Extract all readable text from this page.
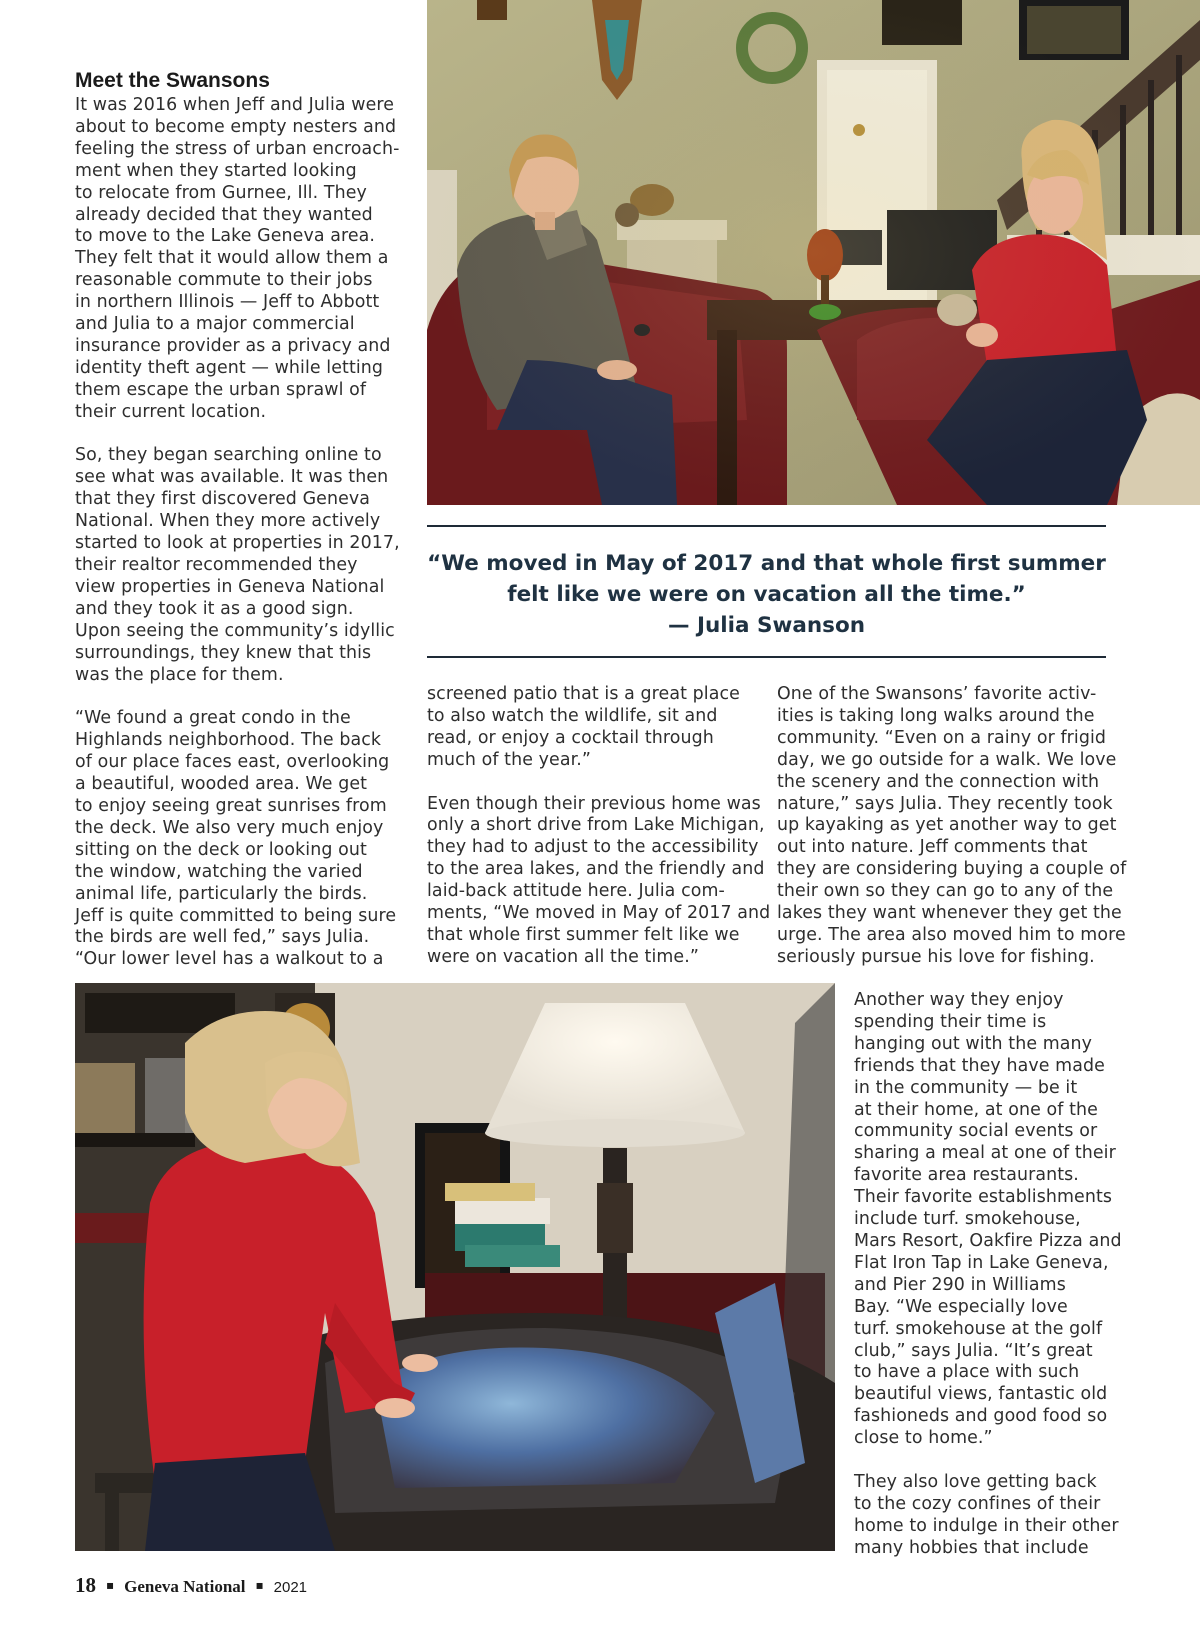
Meet the Swansons

It was 2016 when Jeff and Julia were
about to become empty nesters and
feeling the stress of urban encroach-
ment when they started looking
to relocate from Gurnee, Ill. They
already decided that they wanted
to move to the Lake Geneva area.
They felt that it would allow them a
reasonable commute to their jobs
in northern Illinois — Jeff to Abbott
and Julia to a major commercial
insurance provider as a privacy and
identity theft agent — while letting
them escape the urban sprawl of
their current location.

So, they began searching online to
see what was available. It was then
that they first discovered Geneva
National. When they more actively
started to look at properties in 2017,
their realtor recommended they
view properties in Geneva National
and they took it as a good sign.
Upon seeing the community’s idyllic
surroundings, they knew that this
was the place for them.

“We found a great condo in the
Highlands neighborhood. The back
of our place faces east, overlooking
a beautiful, wooded area. We get
to enjoy seeing great sunrises from
the deck. We also very much enjoy
sitting on the deck or looking out
the window, watching the varied
animal life, particularly the birds.
Jeff is quite committed to being sure
the birds are well fed,” says Julia.
“Our lower level has a walkout to a

screened patio that is a great place
to also watch the wildlife, sit and
read, or enjoy a cocktail through
much of the year.”

Even though their previous home was
only a short drive from Lake Michigan,
they had to adjust to the accessibility
to the area lakes, and the friendly and
laid-back attitude here. Julia com-
ments, “We moved in May of 2017 and
that whole first summer felt like we
were on vacation all the time.”

One of the Swansons’ favorite activ-
ities is taking long walks around the
community. “Even on a rainy or frigid
day, we go outside for a walk. We love
the scenery and the connection with
nature,” says Julia. They recently took
up kayaking as yet another way to get
out into nature. Jeff comments that
they are considering buying a couple of
their own so they can go to any of the
lakes they want whenever they get the
urge. The area also moved him to more
seriously pursue his love for fishing.

Another way they enjoy
spending their time is
hanging out with the many
friends that they have made
in the community — be it
at their home, at one of the
community social events or
sharing a meal at one of their
favorite area restaurants.
Their favorite establishments
include turf. smokehouse,
Mars Resort, Oakfire Pizza and
Flat Iron Tap in Lake Geneva,
and Pier 290 in Williams
Bay. “We especially love
turf. smokehouse at the golf
club,” says Julia. “It’s great
to have a place with such
beautiful views, fantastic old
fashioneds and good food so
close to home.”

They also love getting back
to the cozy confines of their
home to indulge in their other
many hobbies that include

“We moved in May of 2017 and that whole first summer
felt like we were on vacation all the time.”
— Julia Swanson
18 ▪ Geneva National ▪ 2021
